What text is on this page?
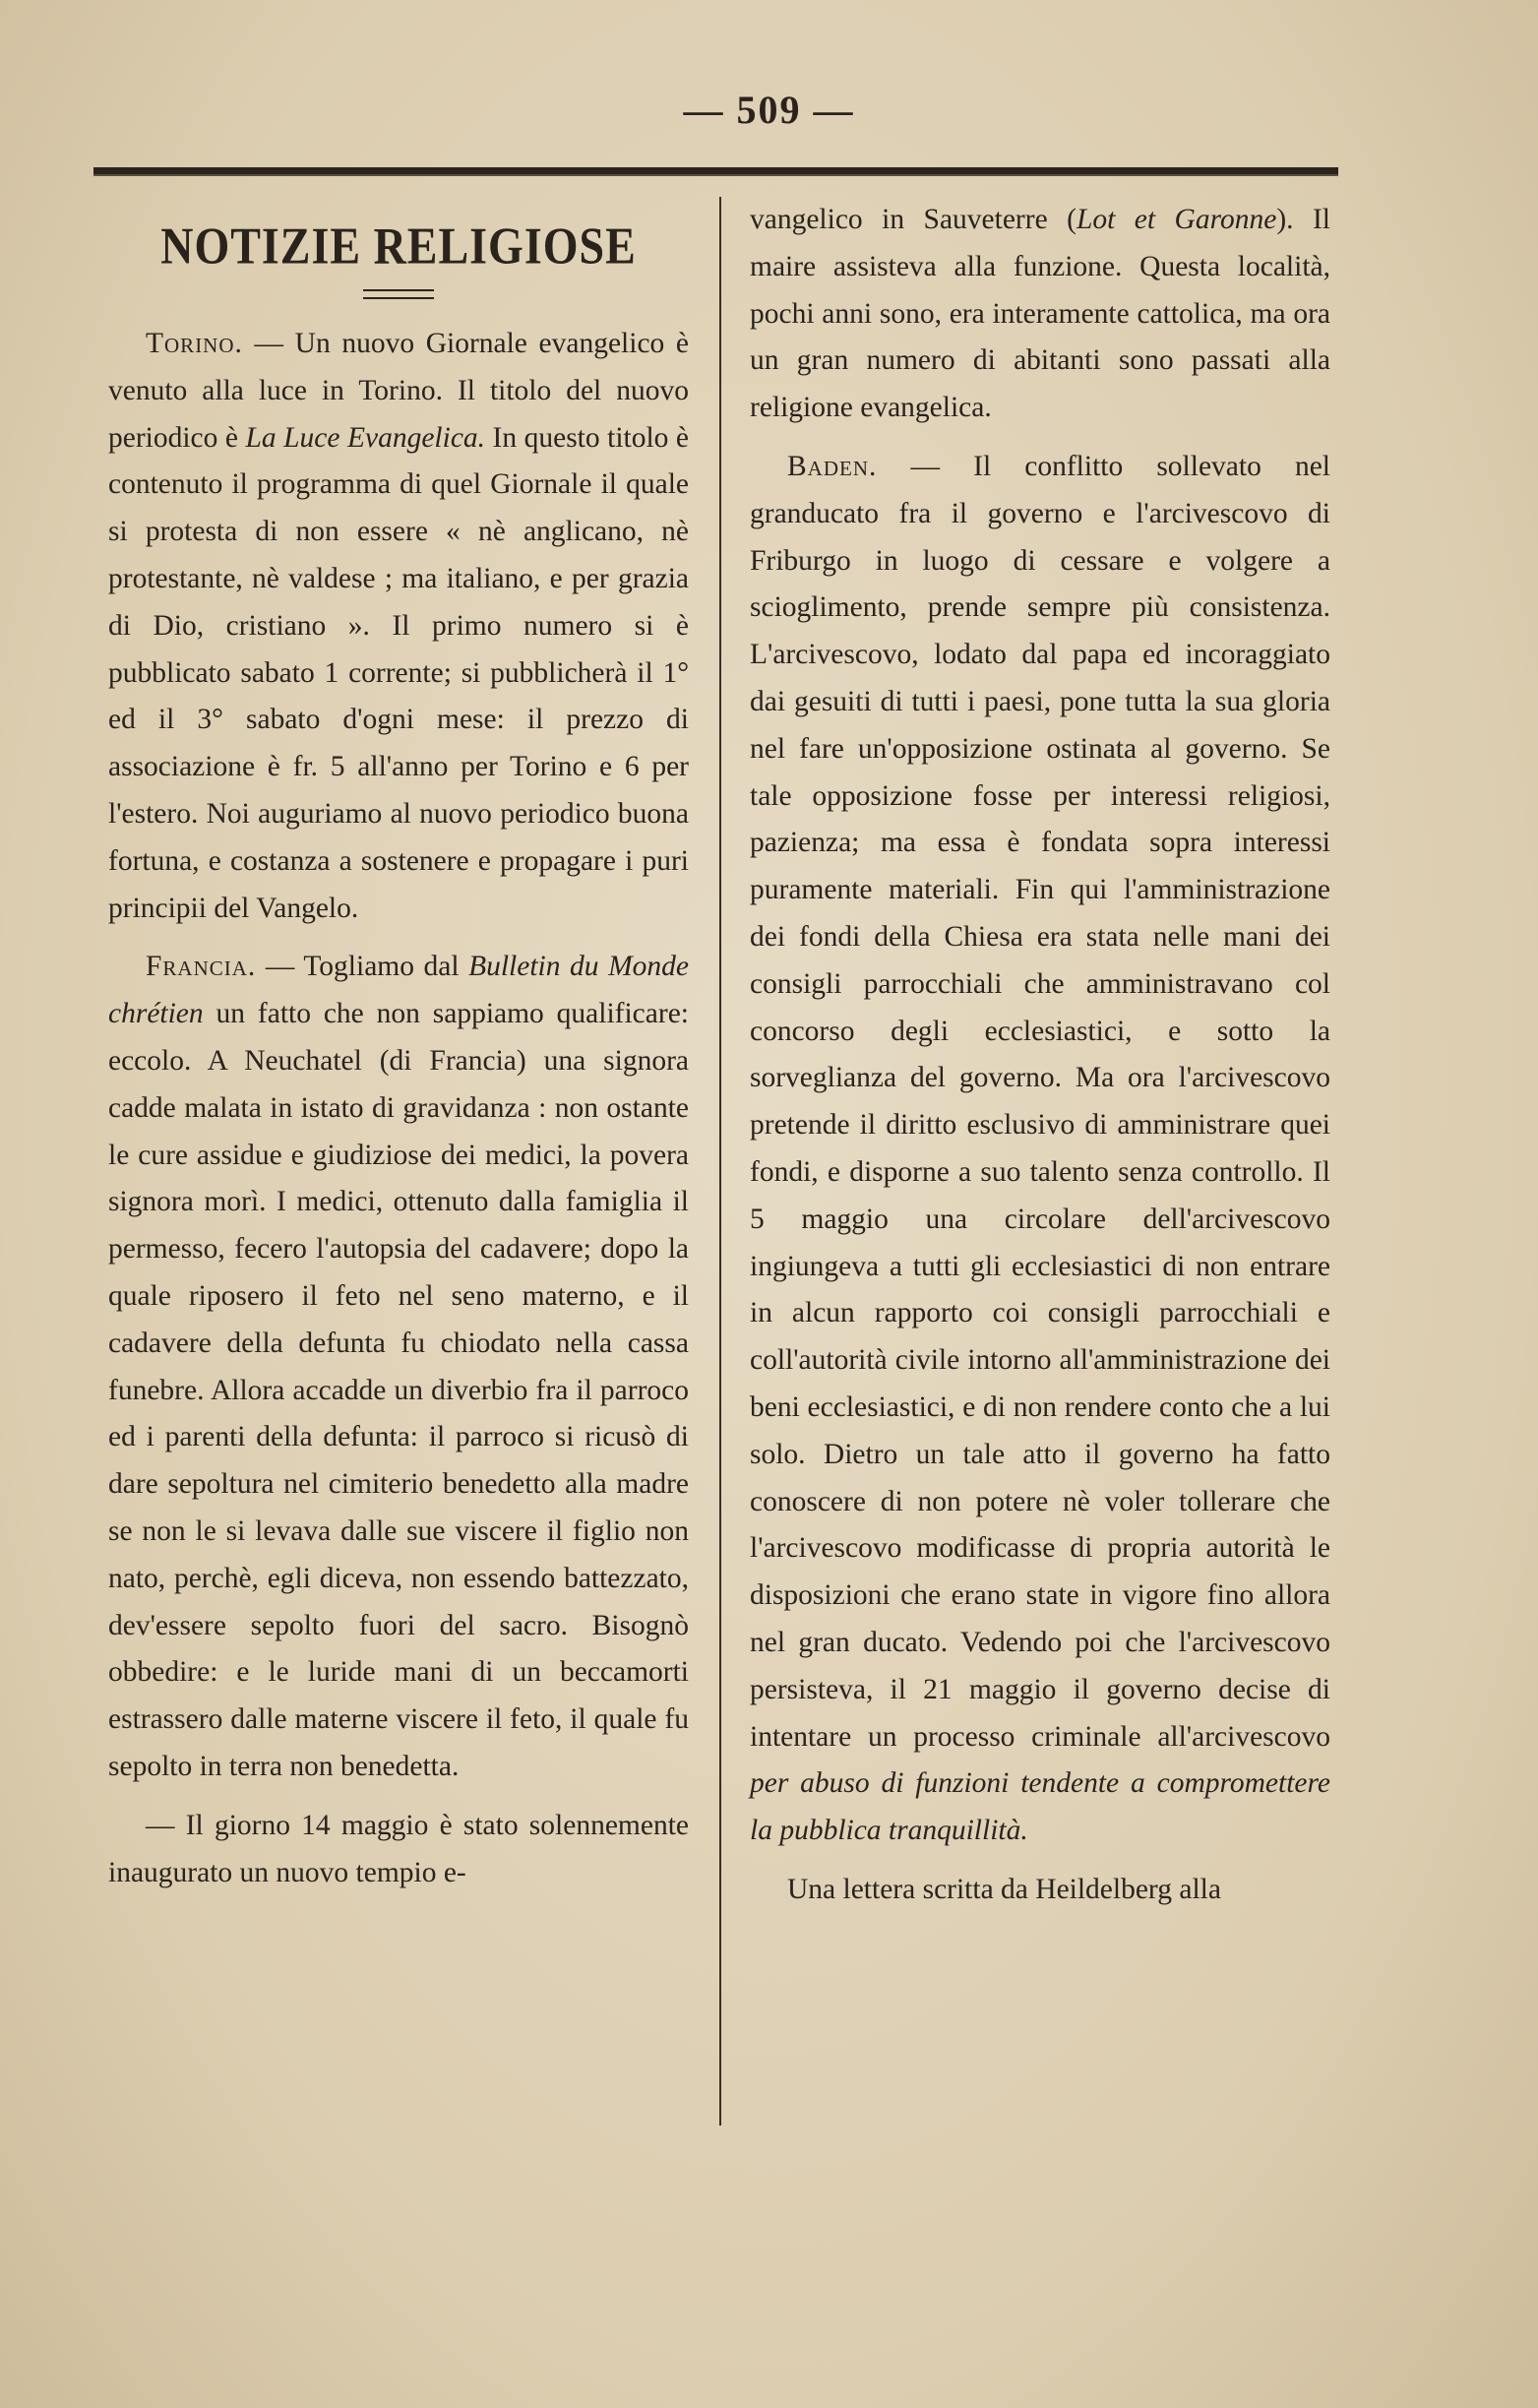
— 509 —
NOTIZIE RELIGIOSE

Torino. — Un nuovo Giornale evangelico è venuto alla luce in Torino. Il titolo del nuovo periodico è La Luce Evangelica. In questo titolo è contenuto il programma di quel Giornale il quale si protesta di non essere « nè anglicano, nè protestante, nè valdese ; ma italiano, e per grazia di Dio, cristiano ». Il primo numero si è pubblicato sabato 1 corrente; si pubblicherà il 1° ed il 3° sabato d'ogni mese: il prezzo di associazione è fr. 5 all'anno per Torino e 6 per l'estero. Noi auguriamo al nuovo periodico buona fortuna, e costanza a sostenere e propagare i puri principii del Vangelo.

Francia. — Togliamo dal Bulletin du Monde chrétien un fatto che non sappiamo qualificare: eccolo. A Neuchatel (di Francia) una signora cadde malata in istato di gravidanza : non ostante le cure assidue e giudiziose dei medici, la povera signora morì. I medici, ottenuto dalla famiglia il permesso, fecero l'autopsia del cadavere; dopo la quale riposero il feto nel seno materno, e il cadavere della defunta fu chiodato nella cassa funebre. Allora accadde un diverbio fra il parroco ed i parenti della defunta: il parroco si ricusò di dare sepoltura nel cimiterio benedetto alla madre se non le si levava dalle sue viscere il figlio non nato, perchè, egli diceva, non essendo battezzato, dev'essere sepolto fuori del sacro. Bisognò obbedire: e le luride mani di un beccamorti estrassero dalle materne viscere il feto, il quale fu sepolto in terra non benedetta.

— Il giorno 14 maggio è stato solennemente inaugurato un nuovo tempio e-

vangelico in Sauveterre (Lot et Garonne). Il maire assisteva alla funzione. Questa località, pochi anni sono, era interamente cattolica, ma ora un gran numero di abitanti sono passati alla religione evangelica.

Baden. — Il conflitto sollevato nel granducato fra il governo e l'arcivescovo di Friburgo in luogo di cessare e volgere a scioglimento, prende sempre più consistenza. L'arcivescovo, lodato dal papa ed incoraggiato dai gesuiti di tutti i paesi, pone tutta la sua gloria nel fare un'opposizione ostinata al governo. Se tale opposizione fosse per interessi religiosi, pazienza; ma essa è fondata sopra interessi puramente materiali. Fin qui l'amministrazione dei fondi della Chiesa era stata nelle mani dei consigli parrocchiali che amministravano col concorso degli ecclesiastici, e sotto la sorveglianza del governo. Ma ora l'arcivescovo pretende il diritto esclusivo di amministrare quei fondi, e disporne a suo talento senza controllo. Il 5 maggio una circolare dell'arcivescovo ingiungeva a tutti gli ecclesiastici di non entrare in alcun rapporto coi consigli parrocchiali e coll'autorità civile intorno all'amministrazione dei beni ecclesiastici, e di non rendere conto che a lui solo. Dietro un tale atto il governo ha fatto conoscere di non potere nè voler tollerare che l'arcivescovo modificasse di propria autorità le disposizioni che erano state in vigore fino allora nel gran ducato. Vedendo poi che l'arcivescovo persisteva, il 21 maggio il governo decise di intentare un processo criminale all'arcivescovo per abuso di funzioni tendente a compromettere la pubblica tranquillità.

Una lettera scritta da Heildelberg alla
